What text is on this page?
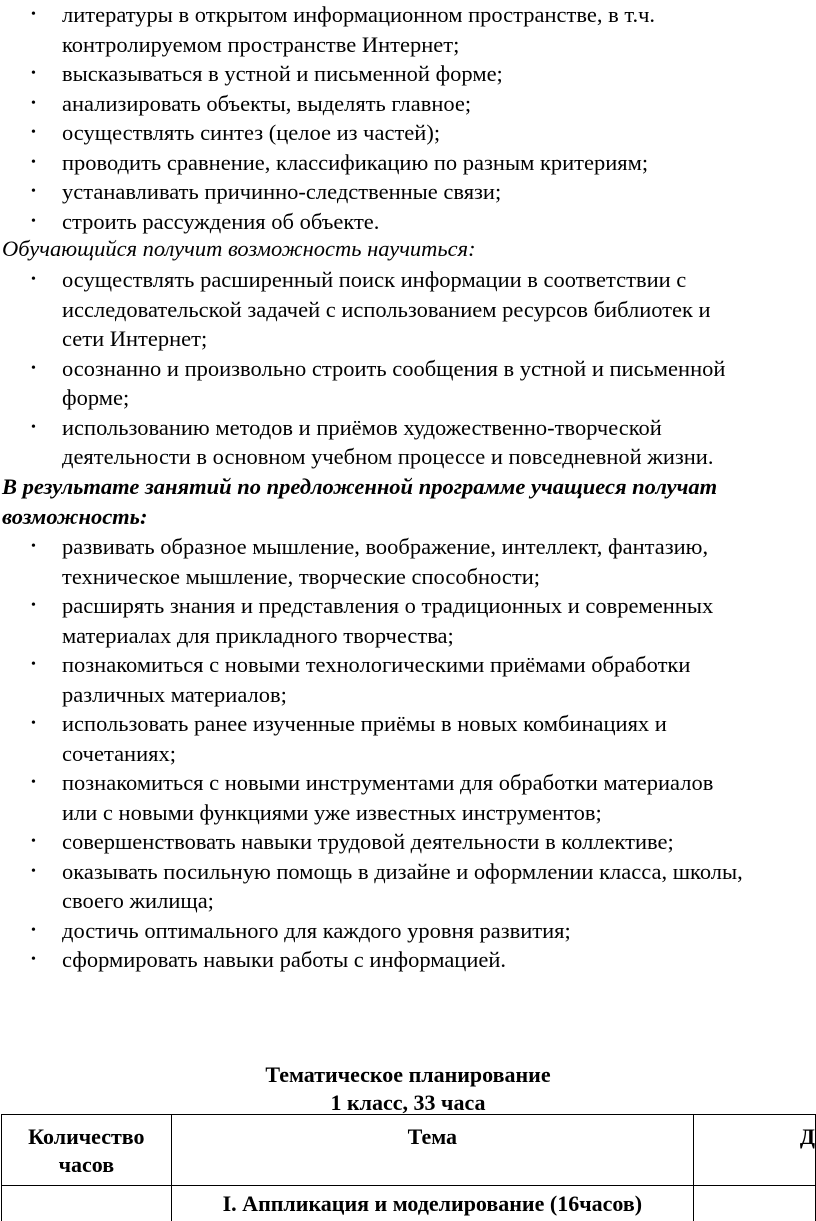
• литературы в открытом информационном пространстве, в т.ч.
контролируемом пространстве Интернет;
• высказываться в устной и письменной форме;
• анализировать объекты, выделять главное;
• осуществлять синтез (целое из частей);
• проводить сравнение, классификацию по разным критериям;
• устанавливать причинно-следственные связи;
• строить рассуждения об объекте.
Обучающийся получит возможность научиться:
• осуществлять расширенный поиск информации в соответствии с
исследовательской задачей с использованием ресурсов библиотек и
сети Интернет;
• осознанно и произвольно строить сообщения в устной и письменной
форме;
• использованию методов и приёмов художественно-творческой
деятельности в основном учебном процессе и повседневной жизни.
В результате занятий по предложенной программе учащиеся получат
возможность:
• развивать образное мышление, воображение, интеллект, фантазию,
техническое мышление, творческие способности;
• расширять знания и представления о традиционных и современных
материалах для прикладного творчества;
• познакомиться с новыми технологическими приёмами обработки
различных материалов;
• использовать ранее изученные приёмы в новых комбинациях и
сочетаниях;
• познакомиться с новыми инструментами для обработки материалов
или с новыми функциями уже известных инструментов;
• совершенствовать навыки трудовой деятельности в коллективе;
• оказывать посильную помощь в дизайне и оформлении класса, школы,
своего жилища;
• достичь оптимального для каждого уровня развития;
• сформировать навыки работы с информацией.
Тематическое планирование
1 класс, 33 часа
Количество
часов	Тема	Д
	I. Аппликация и моделирование (16часов)	
